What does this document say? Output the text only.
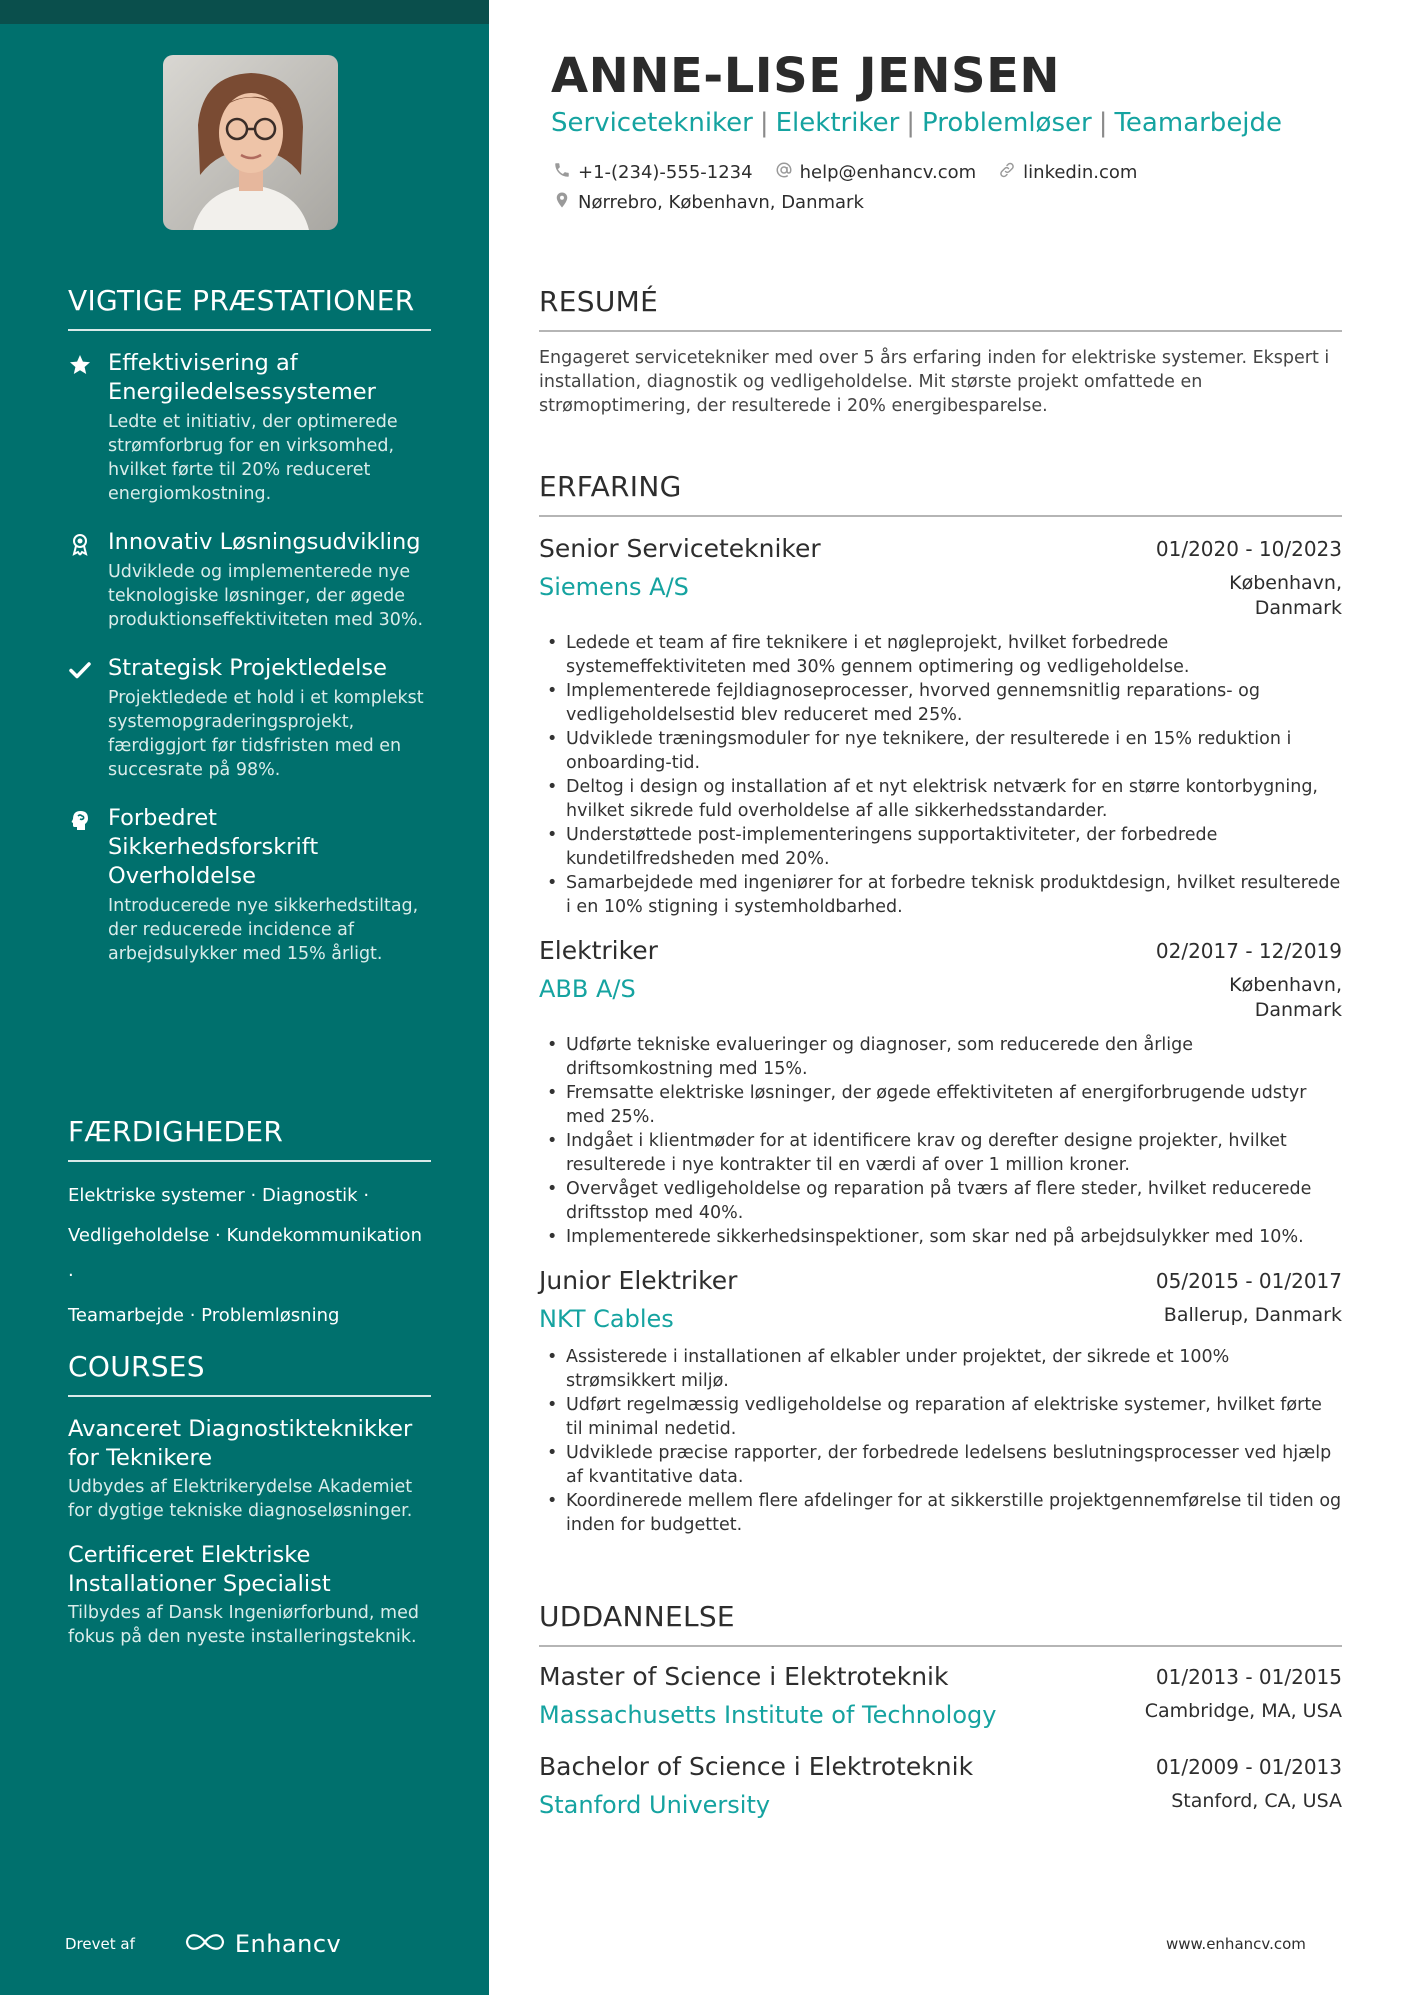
VIGTIGE PRÆSTATIONER
Effektivisering af Energiledelsessystemer
Ledte et initiativ, der optimerede strømforbrug for en virksomhed, hvilket førte til 20% reduceret energiomkostning.
Innovativ Løsningsudvikling
Udviklede og implementerede nye teknologiske løsninger, der øgede produktionseffektiviteten med 30%.
Strategisk Projektledelse
Projektledede et hold i et komplekst systemopgraderingsprojekt, færdiggjort før tidsfristen med en succesrate på 98%.
Forbedret Sikkerhedsforskrift Overholdelse
Introducerede nye sikkerhedstiltag, der reducerede incidence af arbejdsulykker med 15% årligt.
FÆRDIGHEDER
Elektriske systemer · Diagnostik ·
Vedligeholdelse · Kundekommunikation ·
Teamarbejde · Problemløsning
COURSES
Avanceret Diagnostikteknikker for Teknikere
Udbydes af Elektrikerydelse Akademiet for dygtige tekniske diagnoseløsninger.
Certificeret Elektriske Installationer Specialist
Tilbydes af Dansk Ingeniørforbund, med fokus på den nyeste installeringsteknik.
Drevet af	Enhancv
ANNE-LISE JENSEN
Servicetekniker | Elektriker | Problemløser | Teamarbejde
+1-(234)-555-1234	help@enhancv.com	linkedin.com
Nørrebro, København, Danmark
RESUMÉ

Engageret servicetekniker med over 5 års erfaring inden for elektriske systemer. Ekspert i installation, diagnostik og vedligeholdelse. Mit største projekt omfattede en strømoptimering, der resulterede i 20% energibesparelse.

ERFARING
Senior Servicetekniker	01/2020 - 10/2023
Siemens A/S	København,
Danmark
• Ledede et team af fire teknikere i et nøgleprojekt, hvilket forbedrede systemeffektiviteten med 30% gennem optimering og vedligeholdelse.
• Implementerede fejldiagnoseprocesser, hvorved gennemsnitlig reparations- og vedligeholdelsestid blev reduceret med 25%.
• Udviklede træningsmoduler for nye teknikere, der resulterede i en 15% reduktion i onboarding-tid.
• Deltog i design og installation af et nyt elektrisk netværk for en større kontorbygning, hvilket sikrede fuld overholdelse af alle sikkerhedsstandarder.
• Understøttede post-implementeringens supportaktiviteter, der forbedrede kundetilfredsheden med 20%.
• Samarbejdede med ingeniører for at forbedre teknisk produktdesign, hvilket resulterede i en 10% stigning i systemholdbarhed.
Elektriker	02/2017 - 12/2019
ABB A/S	København,
Danmark
• Udførte tekniske evalueringer og diagnoser, som reducerede den årlige driftsomkostning med 15%.
• Fremsatte elektriske løsninger, der øgede effektiviteten af energiforbrugende udstyr med 25%.
• Indgået i klientmøder for at identificere krav og derefter designe projekter, hvilket resulterede i nye kontrakter til en værdi af over 1 million kroner.
• Overvåget vedligeholdelse og reparation på tværs af flere steder, hvilket reducerede driftsstop med 40%.
• Implementerede sikkerhedsinspektioner, som skar ned på arbejdsulykker med 10%.
Junior Elektriker	05/2015 - 01/2017
NKT Cables	Ballerup, Danmark
• Assisterede i installationen af elkabler under projektet, der sikrede et 100% strømsikkert miljø.
• Udført regelmæssig vedligeholdelse og reparation af elektriske systemer, hvilket førte til minimal nedetid.
• Udviklede præcise rapporter, der forbedrede ledelsens beslutningsprocesser ved hjælp af kvantitative data.
• Koordinerede mellem flere afdelinger for at sikkerstille projektgennemførelse til tiden og inden for budgettet.
UDDANNELSE
Master of Science i Elektroteknik	01/2013 - 01/2015
Massachusetts Institute of Technology	Cambridge, MA, USA
Bachelor of Science i Elektroteknik	01/2009 - 01/2013
Stanford University	Stanford, CA, USA
www.enhancv.com
